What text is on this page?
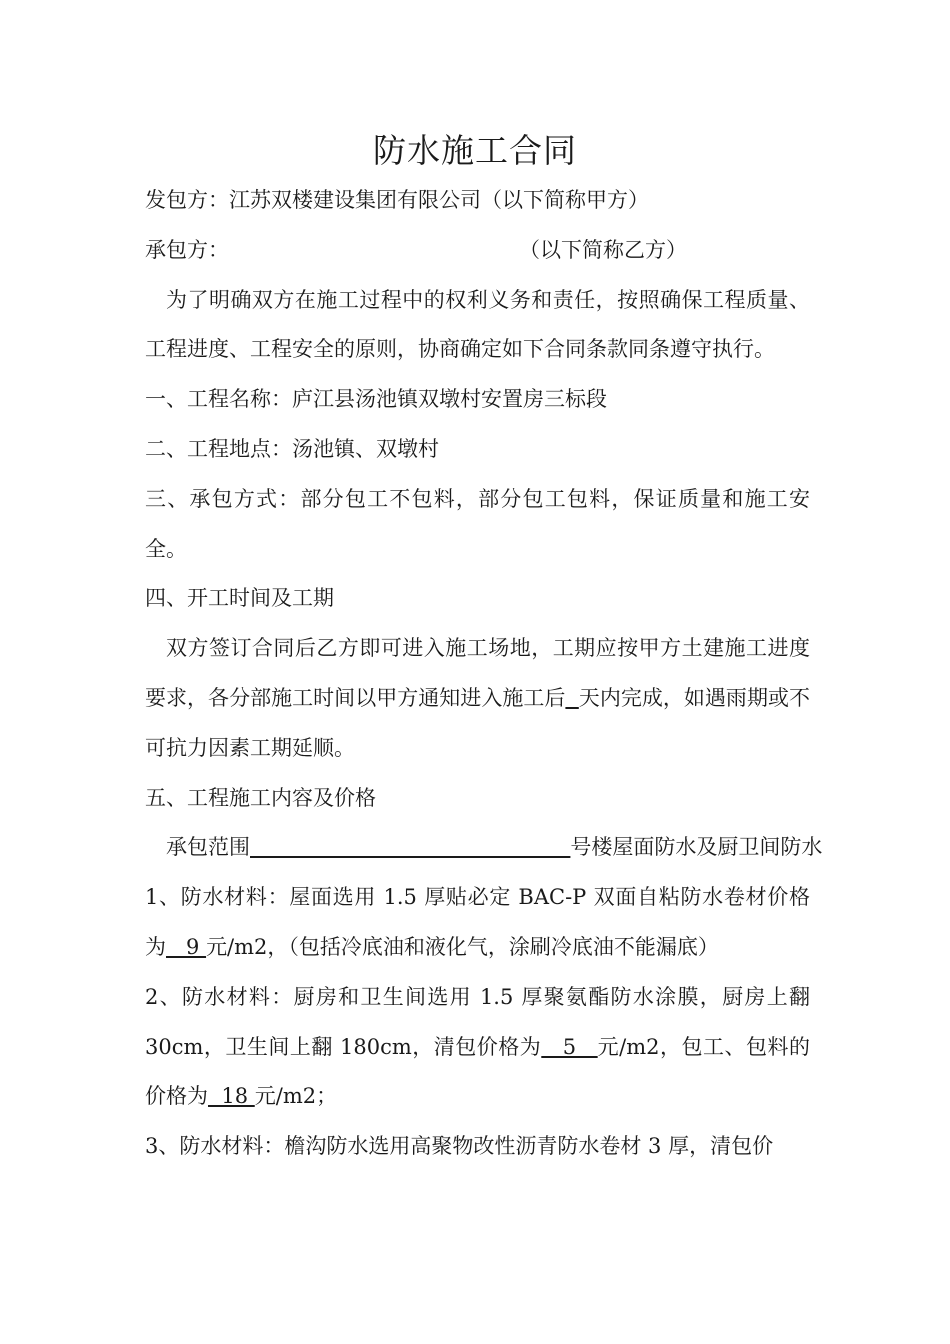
防水施工合同

发包方：江苏双楼建设集团有限公司（以下简称甲方）

承包方：	（以下简称乙方）

为了明确双方在施工过程中的权利义务和责任，按照确保工程质量、工程进度、工程安全的原则，协商确定如下合同条款同条遵守执行。

一、工程名称：庐江县汤池镇双墩村安置房三标段

二、工程地点：汤池镇、双墩村

三、承包方式：部分包工不包料，部分包工包料，保证质量和施工安全。

四、开工时间及工期

双方签订合同后乙方即可进入施工场地，工期应按甲方土建施工进度要求，各分部施工时间以甲方通知进入施工后 天内完成，如遇雨期或不可抗力因素工期延顺。

五、工程施工内容及价格

承包范围	号楼屋面防水及厨卫间防水

1、防水材料：屋面选用 1.5 厚贴必定 BAC-P 双面自粘防水卷材价格为   9 元/m2，（包括冷底油和液化气，涂刷冷底油不能漏底）

2、防水材料：厨房和卫生间选用 1.5 厚聚氨酯防水涂膜，厨房上翻 30cm，卫生间上翻 180cm，清包价格为   5   元/m2，包工、包料的价格为  18 元/m2；

3、防水材料：檐沟防水选用高聚物改性沥青防水卷材 3 厚，清包价
